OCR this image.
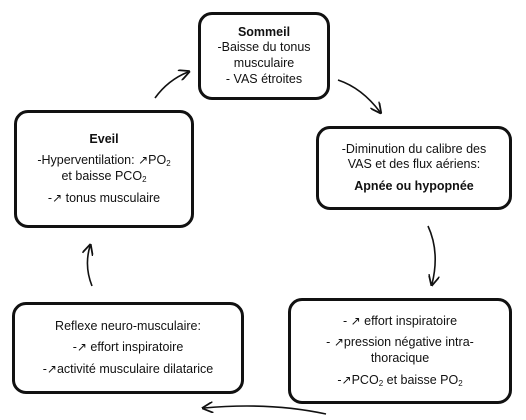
Sommeil
-Baisse du tonus
musculaire
- VAS étroites
-Diminution du calibre des
VAS et des flux aériens:
Apnée ou hypopnée
- ↗ effort inspiratoire
- ↗pression négative intra-
thoracique
$-↗PCO_2$ et baisse $PO_2$
Reflexe neuro-musculaire:
-↗ effort inspiratoire
-↗activité musculaire dilatarice
Eveil
-Hyperventilation: $↗PO_2$
et baisse $PCO_2$
-↗ tonus musculaire
